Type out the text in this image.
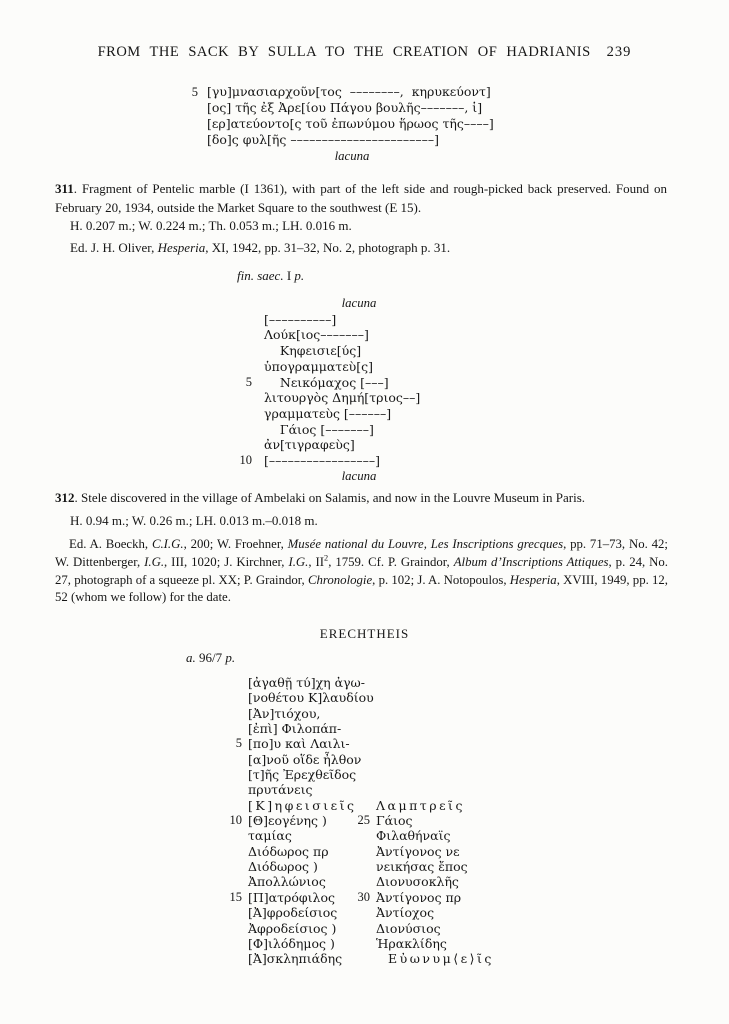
FROM THE SACK BY SULLA TO THE CREATION OF HADRIANIS 239
5 [γυ]μνασιαρχοῦν[τος  ––––––––,  κηρυκεύοντ]
[ος] τῆς ἐξ Ἀρε[ίου Πάγου βουλῆς–––––––, ἱ]
[ερ]ατεύοντο[ς τοῦ ἐπωνύμου ἥρωος τῆς––––]
[δο]ς φυλ[ῆς –––––––––––––––––––––––]
lacuna

311. Fragment of Pentelic marble (I 1361), with part of the left side and rough-picked back preserved. Found on February 20, 1934, outside the Market Square to the southwest (E 15).

H. 0.207 m.; W. 0.224 m.; Th. 0.053 m.; LH. 0.016 m.

Ed. J. H. Oliver, Hesperia, XI, 1942, pp. 31–32, No. 2, photograph p. 31.

fin. saec. I p.

lacuna
[––––––––––]
Λούκ[ιος–––––––]
Κηφεισιε[ύς]
ὑπογραμματεὺ[ς]
5 Νεικόμαχος [–––]
λιτουργὸς Δημή[τριος––]
γραμματεὺς [––––––]
Γάιος [–––––––]
ἀν[τιγραφεὺς]
10 [–––––––––––––––––]
lacuna

312. Stele discovered in the village of Ambelaki on Salamis, and now in the Louvre Museum in Paris.

H. 0.94 m.; W. 0.26 m.; LH. 0.013 m.–0.018 m.

Ed. A. Boeckh, C.I.G., 200; W. Froehner, Musée national du Louvre, Les Inscriptions grecques, pp. 71–73, No. 42; W. Dittenberger, I.G., III, 1020; J. Kirchner, I.G., $II^2$, 1759. Cf. P. Graindor, Album d’Inscriptions Attiques, p. 24, No. 27, photograph of a squeeze pl. XX; P. Graindor, Chronologie, p. 102; J. A. Notopoulos, Hesperia, XVIII, 1949, pp. 12, 52 (whom we follow) for the date.

ERECHTHEIS

a. 96/7 p.

[ἀγαθῇ τύ]χη ἀγω-
[νοθέτου Κ]λαυδίου
[Ἀν]τιόχου,
[ἐπὶ] Φιλοπάπ-
5 [πο]υ καὶ Λαιλι-
[α]νοῦ οἵδε ἦλθον
[τ]ῆς Ἐρεχθεῖδος
πρυτάνεις
[Κ]ηφεισιεῖς Λαμπτρεῖς
10 [Θ]εογένης )	25 Γάιος
ταμίας	Φιλαθήναϊς
Διόδωρος πρ	Ἀντίγονος νε
Διόδωρος )	νεικήσας ἔπος
Ἀπολλώνιος	Διονυσοκλῆς
15 [Π]ατρόφιλος	30 Ἀντίγονος πρ
[Ἀ]φροδείσιος	Ἀντίοχος
Ἀφροδείσιος )	Διονύσιος
[Φ]ιλόδημος )	Ἡρακλίδης
[Ἀ]σκληπιάδης	Εὐωνυμ⟨ε⟩ῖς
